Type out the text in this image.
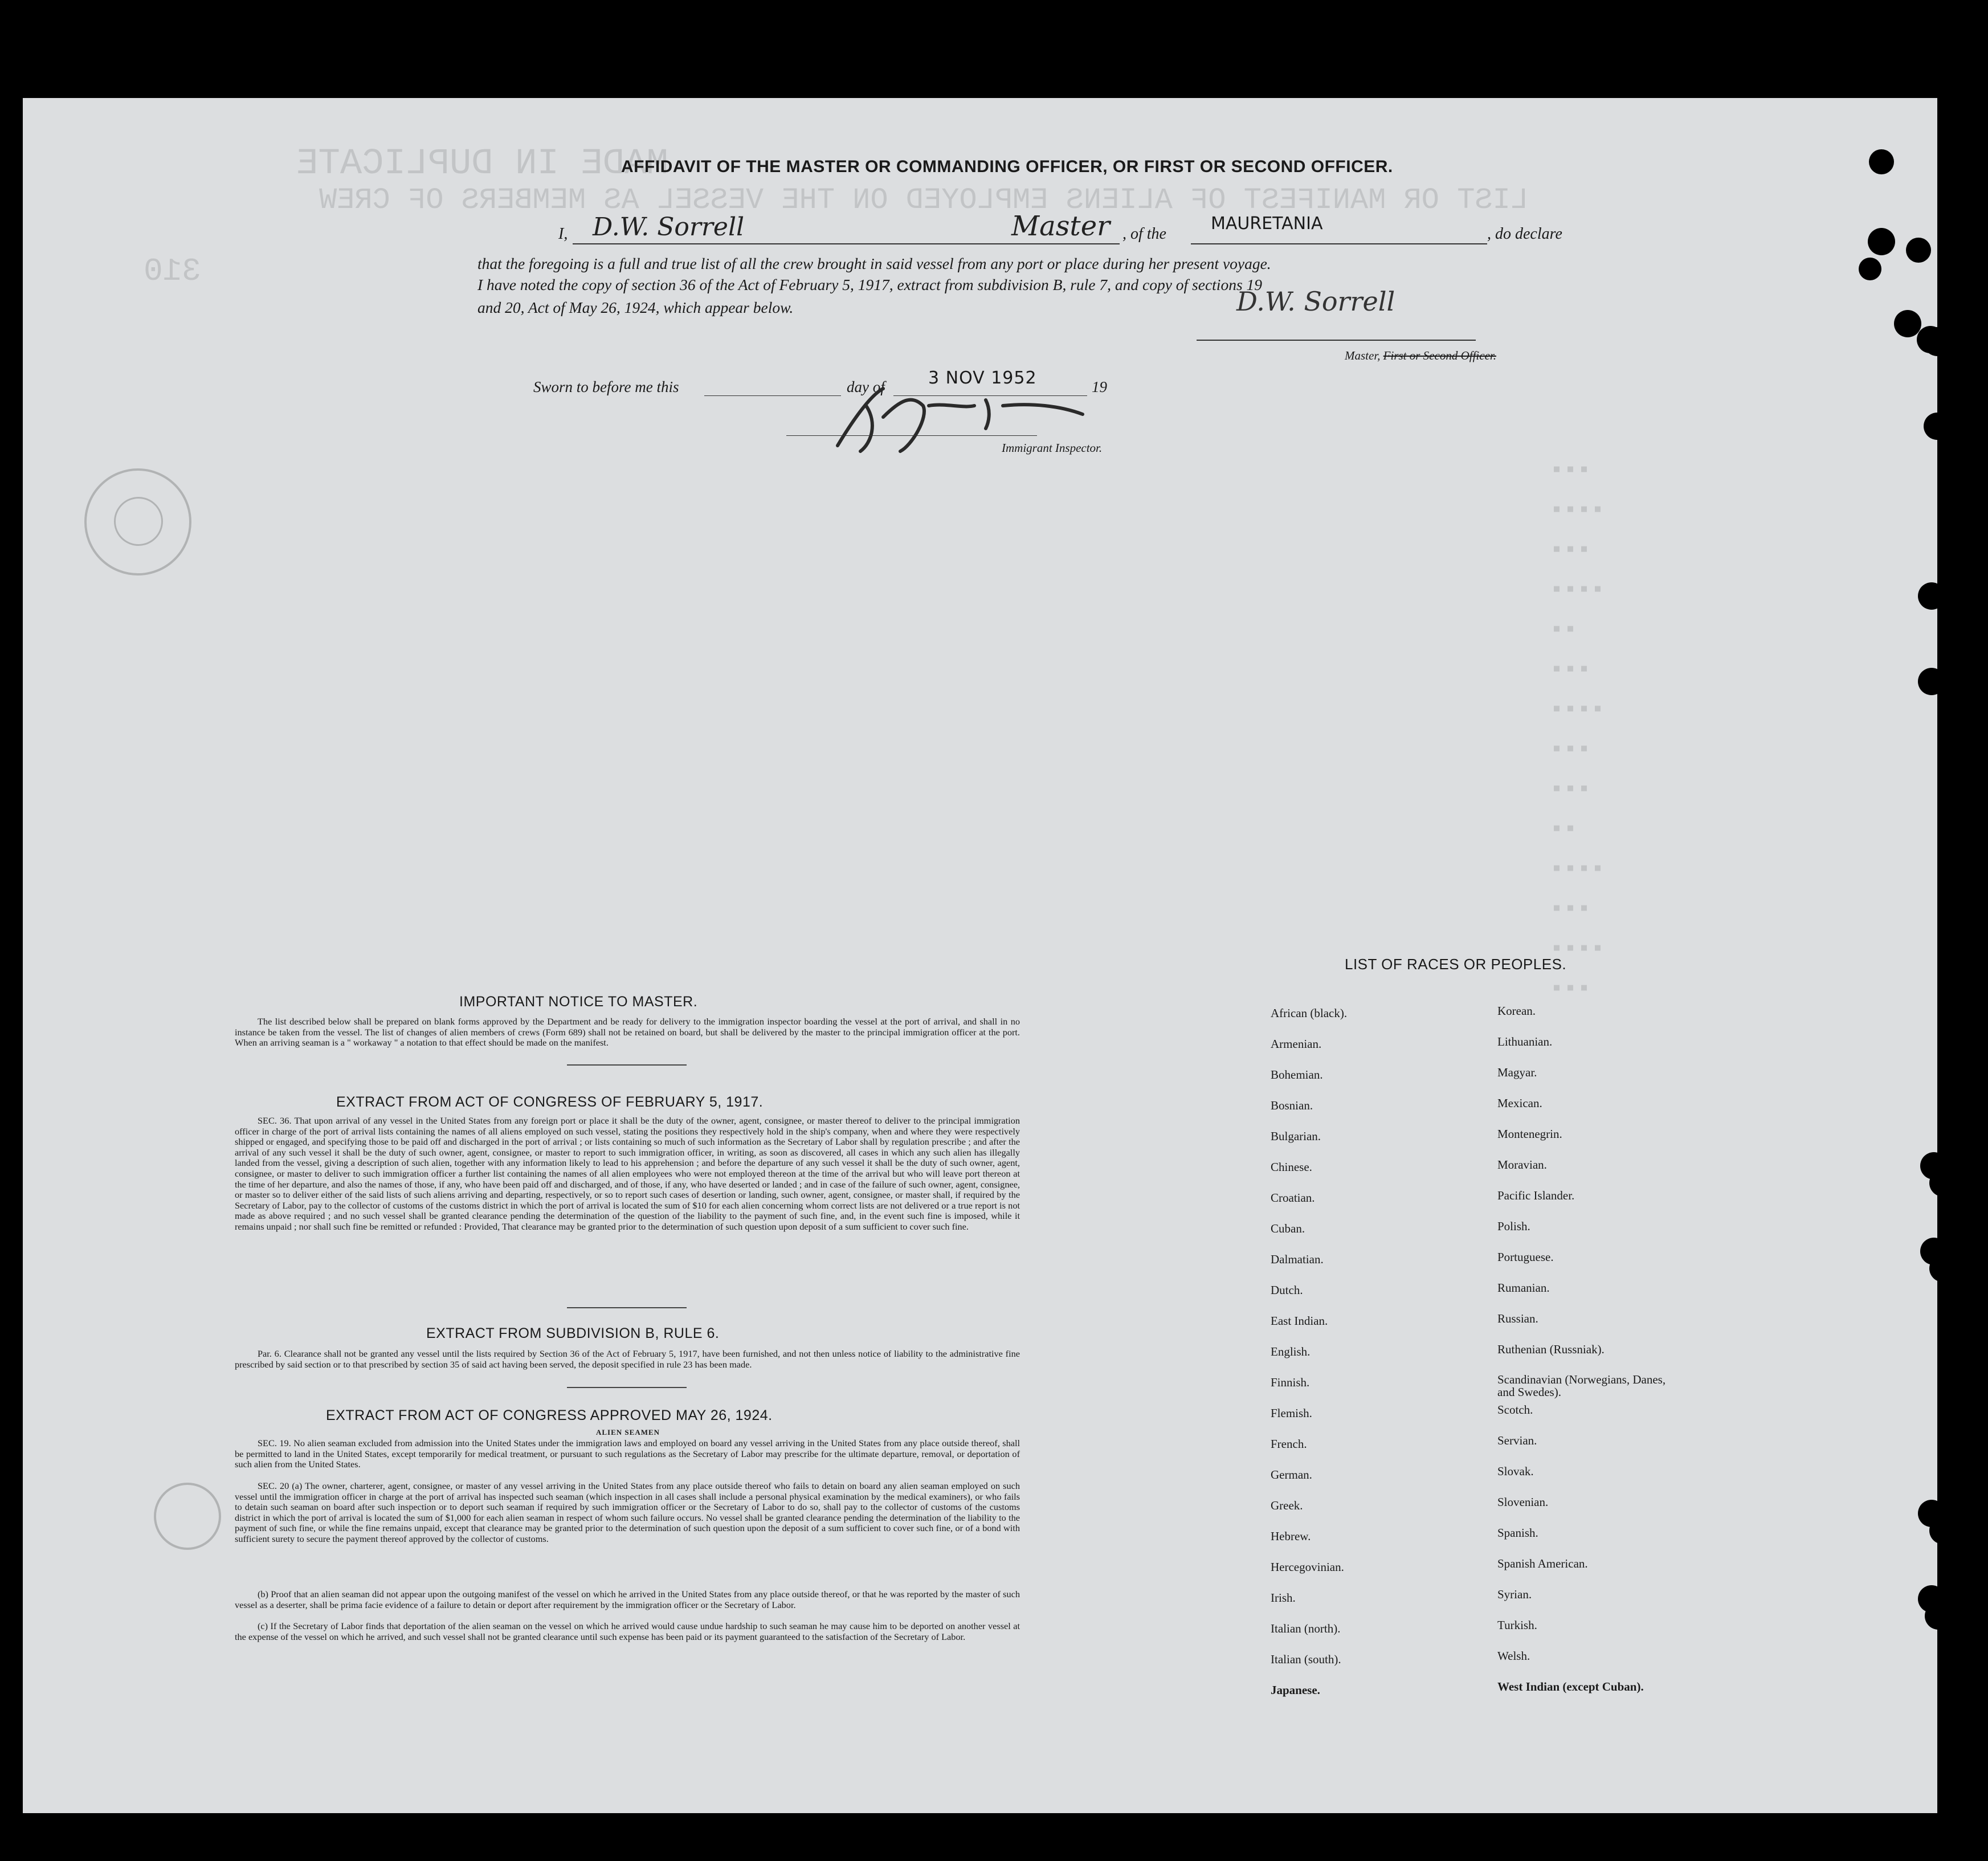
LIST OR MANIFEST OF ALIENS EMPLOYED ON THE VESSEL AS MEMBERS OF CREW
MADE IN DUPLICATE
310
▪▪▪
▪▪▪▪
▪▪▪
▪▪▪▪
▪▪
▪▪▪
▪▪▪▪
▪▪▪
▪▪▪
▪▪
▪▪▪▪
▪▪▪
▪▪▪▪
▪▪▪
AFFIDAVIT OF THE MASTER OR COMMANDING OFFICER, OR FIRST OR SECOND OFFICER.
I, D.W. Sorrell	Master , of the
MAURETANIA
, do declare
that the foregoing is a full and true list of all the crew brought in said vessel from any port or place during her present voyage.
I have noted the copy of section 36 of the Act of February 5, 1917, extract from subdivision B, rule 7, and copy of sections 19
and 20, Act of May 26, 1924, which appear below.	D.W. Sorrell
Master, First or Second Officer.
Sworn to before me this	day of	3 NOV 1952	19
Immigrant Inspector.
IMPORTANT NOTICE TO MASTER.
The list described below shall be prepared on blank forms approved by the Department and be ready for delivery to the immigration inspector boarding the vessel at the port of arrival, and shall in no instance be taken from the vessel. The list of changes of alien members of crews (Form 689) shall not be retained on board, but shall be delivered by the master to the principal immigration officer at the port. When an arriving seaman is a " workaway " a notation to that effect should be made on the manifest.
EXTRACT FROM ACT OF CONGRESS OF FEBRUARY 5, 1917.
SEC. 36. That upon arrival of any vessel in the United States from any foreign port or place it shall be the duty of the owner, agent, consignee, or master thereof to deliver to the principal immigration officer in charge of the port of arrival lists containing the names of all aliens employed on such vessel, stating the positions they respectively hold in the ship's company, when and where they were respectively shipped or engaged, and specifying those to be paid off and discharged in the port of arrival ; or lists containing so much of such information as the Secretary of Labor shall by regulation prescribe ; and after the arrival of any such vessel it shall be the duty of such owner, agent, consignee, or master to report to such immigration officer, in writing, as soon as discovered, all cases in which any such alien has illegally landed from the vessel, giving a description of such alien, together with any information likely to lead to his apprehension ; and before the departure of any such vessel it shall be the duty of such owner, agent, consignee, or master to deliver to such immigration officer a further list containing the names of all alien employees who were not employed thereon at the time of the arrival but who will leave port thereon at the time of her departure, and also the names of those, if any, who have been paid off and discharged, and of those, if any, who have deserted or landed ; and in case of the failure of such owner, agent, consignee, or master so to deliver either of the said lists of such aliens arriving and departing, respectively, or so to report such cases of desertion or landing, such owner, agent, consignee, or master shall, if required by the Secretary of Labor, pay to the collector of customs of the customs district in which the port of arrival is located the sum of $10 for each alien concerning whom correct lists are not delivered or a true report is not made as above required ; and no such vessel shall be granted clearance pending the determination of the question of the liability to the payment of such fine, and, in the event such fine is imposed, while it remains unpaid ; nor shall such fine be remitted or refunded : Provided, That clearance may be granted prior to the determination of such question upon deposit of a sum sufficient to cover such fine.
EXTRACT FROM SUBDIVISION B, RULE 6.
Par. 6. Clearance shall not be granted any vessel until the lists required by Section 36 of the Act of February 5, 1917, have been furnished, and not then unless notice of liability to the administrative fine prescribed by said section or to that prescribed by section 35 of said act having been served, the deposit specified in rule 23 has been made.
EXTRACT FROM ACT OF CONGRESS APPROVED MAY 26, 1924.
ALIEN SEAMEN
SEC. 19. No alien seaman excluded from admission into the United States under the immigration laws and employed on board any vessel arriving in the United States from any place outside thereof, shall be permitted to land in the United States, except temporarily for medical treatment, or pursuant to such regulations as the Secretary of Labor may prescribe for the ultimate departure, removal, or deportation of such alien from the United States.
SEC. 20 (a) The owner, charterer, agent, consignee, or master of any vessel arriving in the United States from any place outside thereof who fails to detain on board any alien seaman employed on such vessel until the immigration officer in charge at the port of arrival has inspected such seaman (which inspection in all cases shall include a personal physical examination by the medical examiners), or who fails to detain such seaman on board after such inspection or to deport such seaman if required by such immigration officer or the Secretary of Labor to do so, shall pay to the collector of customs of the customs district in which the port of arrival is located the sum of $1,000 for each alien seaman in respect of whom such failure occurs. No vessel shall be granted clearance pending the determination of the liability to the payment of such fine, or while the fine remains unpaid, except that clearance may be granted prior to the determination of such question upon the deposit of a sum sufficient to cover such fine, or of a bond with sufficient surety to secure the payment thereof approved by the collector of customs.
(b) Proof that an alien seaman did not appear upon the outgoing manifest of the vessel on which he arrived in the United States from any place outside thereof, or that he was reported by the master of such vessel as a deserter, shall be prima facie evidence of a failure to detain or deport after requirement by the immigration officer or the Secretary of Labor.
(c) If the Secretary of Labor finds that deportation of the alien seaman on the vessel on which he arrived would cause undue hardship to such seaman he may cause him to be deported on another vessel at the expense of the vessel on which he arrived, and such vessel shall not be granted clearance until such expense has been paid or its payment guaranteed to the satisfaction of the Secretary of Labor.
LIST OF RACES OR PEOPLES.
African (black).
Armenian.
Bohemian.
Bosnian.
Bulgarian.
Chinese.
Croatian.
Cuban.
Dalmatian.
Dutch.
East Indian.
English.
Finnish.
Flemish.
French.
German.
Greek.
Hebrew.
Hercegovinian.
Irish.
Italian (north).
Italian (south).
Japanese.
Korean.
Lithuanian.
Magyar.
Mexican.
Montenegrin.
Moravian.
Pacific Islander.
Polish.
Portuguese.
Rumanian.
Russian.
Ruthenian (Russniak).
Scandinavian (Norwegians, Danes, and Swedes).
Scotch.
Servian.
Slovak.
Slovenian.
Spanish.
Spanish American.
Syrian.
Turkish.
Welsh.
West Indian (except Cuban).
